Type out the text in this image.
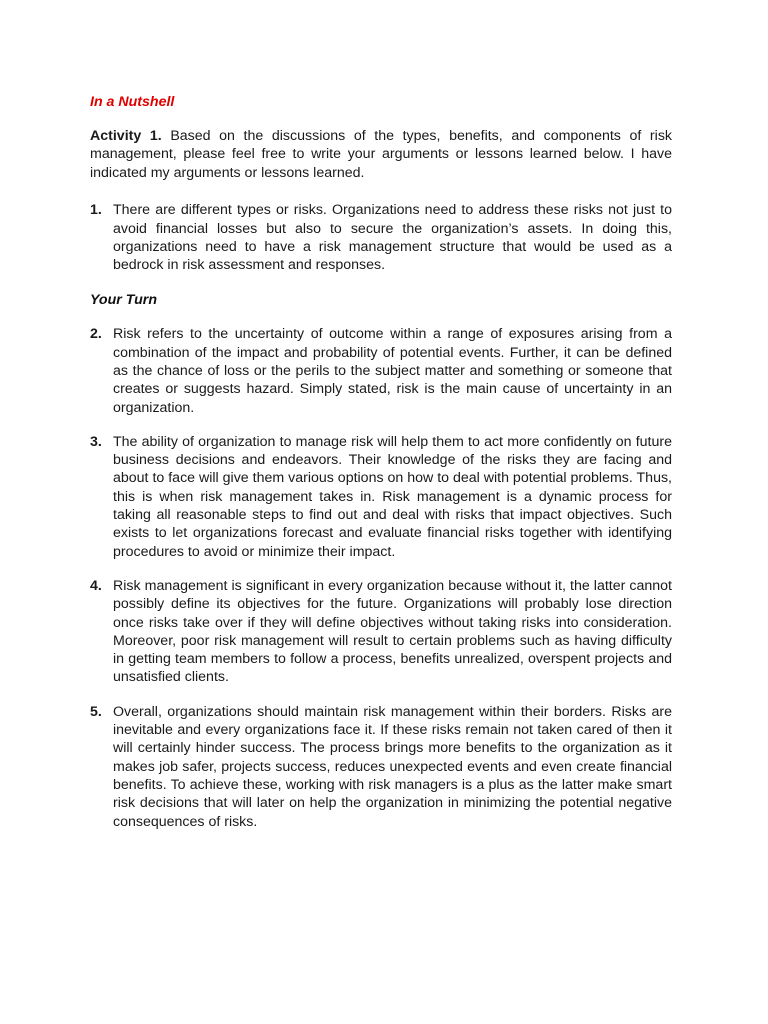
In a Nutshell

Activity 1. Based on the discussions of the types, benefits, and components of risk management, please feel free to write your arguments or lessons learned below. I have indicated my arguments or lessons learned.

1. There are different types or risks. Organizations need to address these risks not just to avoid financial losses but also to secure the organization’s assets. In doing this, organizations need to have a risk management structure that would be used as a bedrock in risk assessment and responses.

Your Turn

2. Risk refers to the uncertainty of outcome within a range of exposures arising from a combination of the impact and probability of potential events. Further, it can be defined as the chance of loss or the perils to the subject matter and something or someone that creates or suggests hazard. Simply stated, risk is the main cause of uncertainty in an organization.
3. The ability of organization to manage risk will help them to act more confidently on future business decisions and endeavors. Their knowledge of the risks they are facing and about to face will give them various options on how to deal with potential problems. Thus, this is when risk management takes in. Risk management is a dynamic process for taking all reasonable steps to find out and deal with risks that impact objectives. Such exists to let organizations forecast and evaluate financial risks together with identifying procedures to avoid or minimize their impact.
4. Risk management is significant in every organization because without it, the latter cannot possibly define its objectives for the future. Organizations will probably lose direction once risks take over if they will define objectives without taking risks into consideration. Moreover, poor risk management will result to certain problems such as having difficulty in getting team members to follow a process, benefits unrealized, overspent projects and unsatisfied clients.
5. Overall, organizations should maintain risk management within their borders. Risks are inevitable and every organizations face it. If these risks remain not taken cared of then it will certainly hinder success. The process brings more benefits to the organization as it makes job safer, projects success, reduces unexpected events and even create financial benefits. To achieve these, working with risk managers is a plus as the latter make smart risk decisions that will later on help the organization in minimizing the potential negative consequences of risks.
